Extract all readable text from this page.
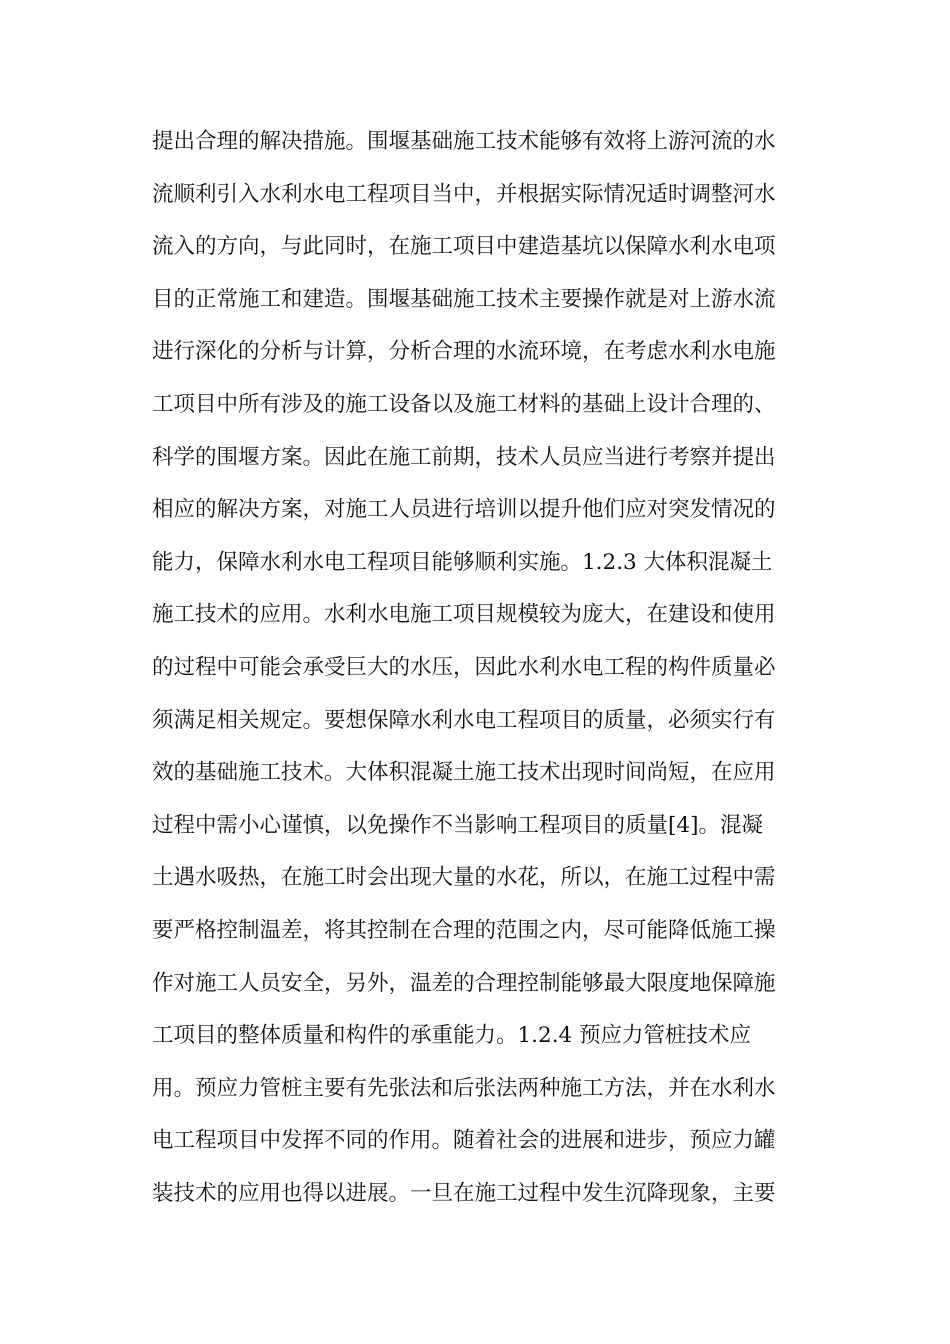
提出合理的解决措施。围堰基础施工技术能够有效将上游河流的水
流顺利引入水利水电工程项目当中，并根据实际情况适时调整河水
流入的方向，与此同时，在施工项目中建造基坑以保障水利水电项
目的正常施工和建造。围堰基础施工技术主要操作就是对上游水流
进行深化的分析与计算，分析合理的水流环境，在考虑水利水电施
工项目中所有涉及的施工设备以及施工材料的基础上设计合理的、
科学的围堰方案。因此在施工前期，技术人员应当进行考察并提出
相应的解决方案，对施工人员进行培训以提升他们应对突发情况的
能力，保障水利水电工程项目能够顺利实施。1.2.3 大体积混凝土
施工技术的应用。水利水电施工项目规模较为庞大，在建设和使用
的过程中可能会承受巨大的水压，因此水利水电工程的构件质量必
须满足相关规定。要想保障水利水电工程项目的质量，必须实行有
效的基础施工技术。大体积混凝土施工技术出现时间尚短，在应用
过程中需小心谨慎，以免操作不当影响工程项目的质量[4]。混凝
土遇水吸热，在施工时会出现大量的水花，所以，在施工过程中需
要严格控制温差，将其控制在合理的范围之内，尽可能降低施工操
作对施工人员安全，另外，温差的合理控制能够最大限度地保障施
工项目的整体质量和构件的承重能力。1.2.4 预应力管桩技术应
用。预应力管桩主要有先张法和后张法两种施工方法，并在水利水
电工程项目中发挥不同的作用。随着社会的进展和进步，预应力罐
装技术的应用也得以进展。一旦在施工过程中发生沉降现象，主要
